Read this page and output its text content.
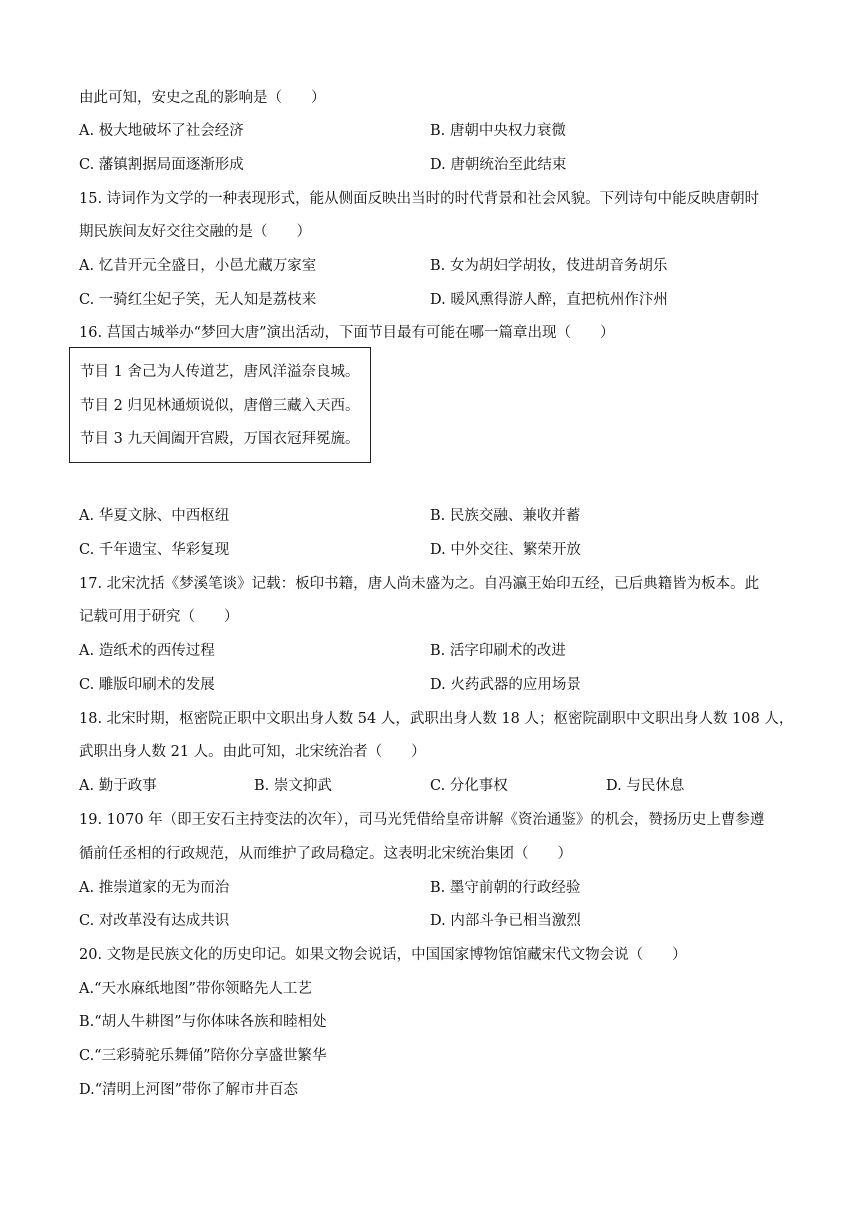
由此可知，安史之乱的影响是（　　）
A. 极大地破坏了社会经济	B. 唐朝中央权力衰微
C. 藩镇割据局面逐渐形成	D. 唐朝统治至此结束
15. 诗词作为文学的一种表现形式，能从侧面反映出当时的时代背景和社会风貌。下列诗句中能反映唐朝时
期民族间友好交往交融的是（　　）
A. 忆昔开元全盛日，小邑尤藏万家室	B. 女为胡妇学胡妆，伎进胡音务胡乐
C. 一骑红尘妃子笑，无人知是荔枝来	D. 暖风熏得游人醉，直把杭州作汴州
16. 莒国古城举办“梦回大唐”演出活动，下面节目最有可能在哪一篇章出现（　　）
节目 1 舍己为人传道艺，唐风洋溢奈良城。
节目 2 归见林通烦说似，唐僧三藏入天西。
节目 3 九天阊阖开宫殿，万国衣冠拜冕旒。
A. 华夏文脉、中西枢纽	B. 民族交融、兼收并蓄
C. 千年遗宝、华彩复现	D. 中外交往、繁荣开放
17. 北宋沈括《梦溪笔谈》记载：板印书籍，唐人尚未盛为之。自冯瀛王始印五经，已后典籍皆为板本。此
记载可用于研究（　　）
A. 造纸术的西传过程	B. 活字印刷术的改进
C. 雕版印刷术的发展	D. 火药武器的应用场景
18. 北宋时期，枢密院正职中文职出身人数 54 人，武职出身人数 18 人；枢密院副职中文职出身人数 108 人，
武职出身人数 21 人。由此可知，北宋统治者（　　）
A. 勤于政事	B. 崇文抑武	C. 分化事权	D. 与民休息
19. 1070 年（即王安石主持变法的次年），司马光凭借给皇帝讲解《资治通鉴》的机会，赞扬历史上曹参遵
循前任丞相的行政规范，从而维护了政局稳定。这表明北宋统治集团（　　）
A. 推崇道家的无为而治	B. 墨守前朝的行政经验
C. 对改革没有达成共识	D. 内部斗争已相当激烈
20. 文物是民族文化的历史印记。如果文物会说话，中国国家博物馆馆藏宋代文物会说（　　）
A.“天水麻纸地图”带你领略先人工艺
B.“胡人牛耕图”与你体味各族和睦相处
C.“三彩骑驼乐舞俑”陪你分享盛世繁华
D.“清明上河图”带你了解市井百态
